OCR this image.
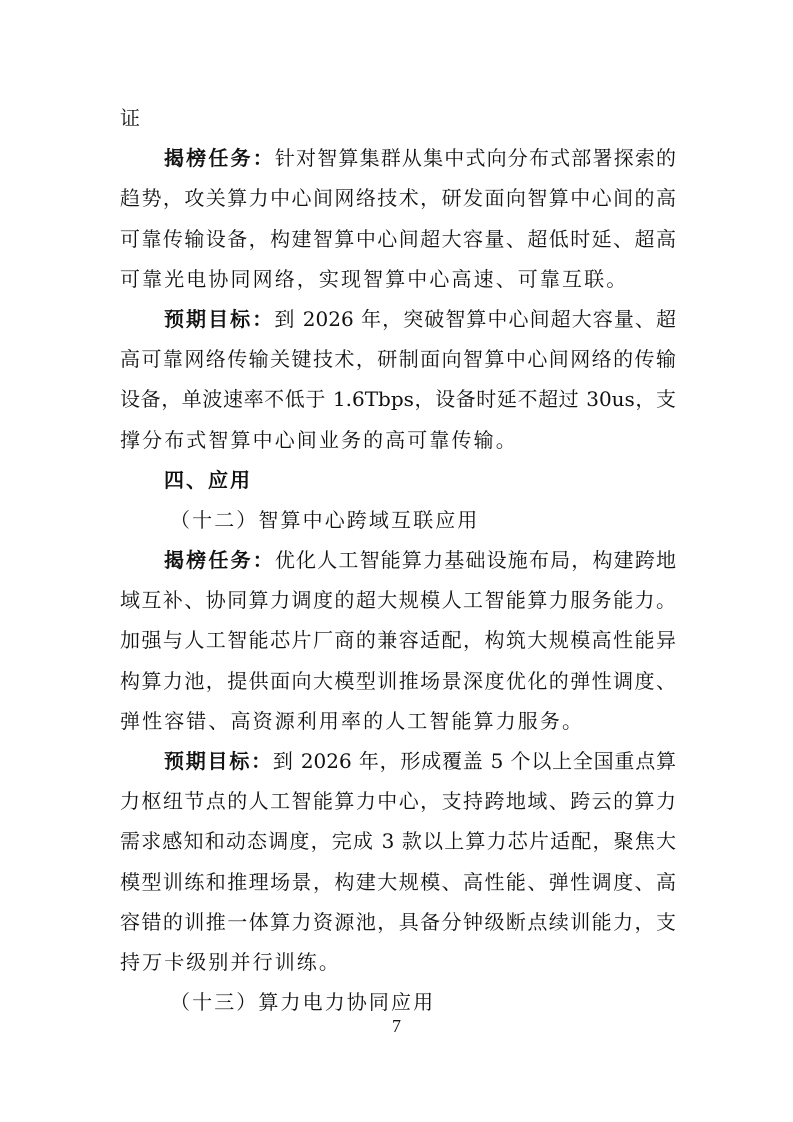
证
揭榜任务：针对智算集群从集中式向分布式部署探索的
趋势，攻关算力中心间网络技术，研发面向智算中心间的高
可靠传输设备，构建智算中心间超大容量、超低时延、超高
可靠光电协同网络，实现智算中心高速、可靠互联。
预期目标：到 2026 年，突破智算中心间超大容量、超
高可靠网络传输关键技术，研制面向智算中心间网络的传输
设备，单波速率不低于 1.6Tbps，设备时延不超过 30us，支
撑分布式智算中心间业务的高可靠传输。
四、应用
（十二）智算中心跨域互联应用
揭榜任务：优化人工智能算力基础设施布局，构建跨地
域互补、协同算力调度的超大规模人工智能算力服务能力。
加强与人工智能芯片厂商的兼容适配，构筑大规模高性能异
构算力池，提供面向大模型训推场景深度优化的弹性调度、
弹性容错、高资源利用率的人工智能算力服务。
预期目标：到 2026 年，形成覆盖 5 个以上全国重点算
力枢纽节点的人工智能算力中心，支持跨地域、跨云的算力
需求感知和动态调度，完成 3 款以上算力芯片适配，聚焦大
模型训练和推理场景，构建大规模、高性能、弹性调度、高
容错的训推一体算力资源池，具备分钟级断点续训能力，支
持万卡级别并行训练。
（十三）算力电力协同应用
7
